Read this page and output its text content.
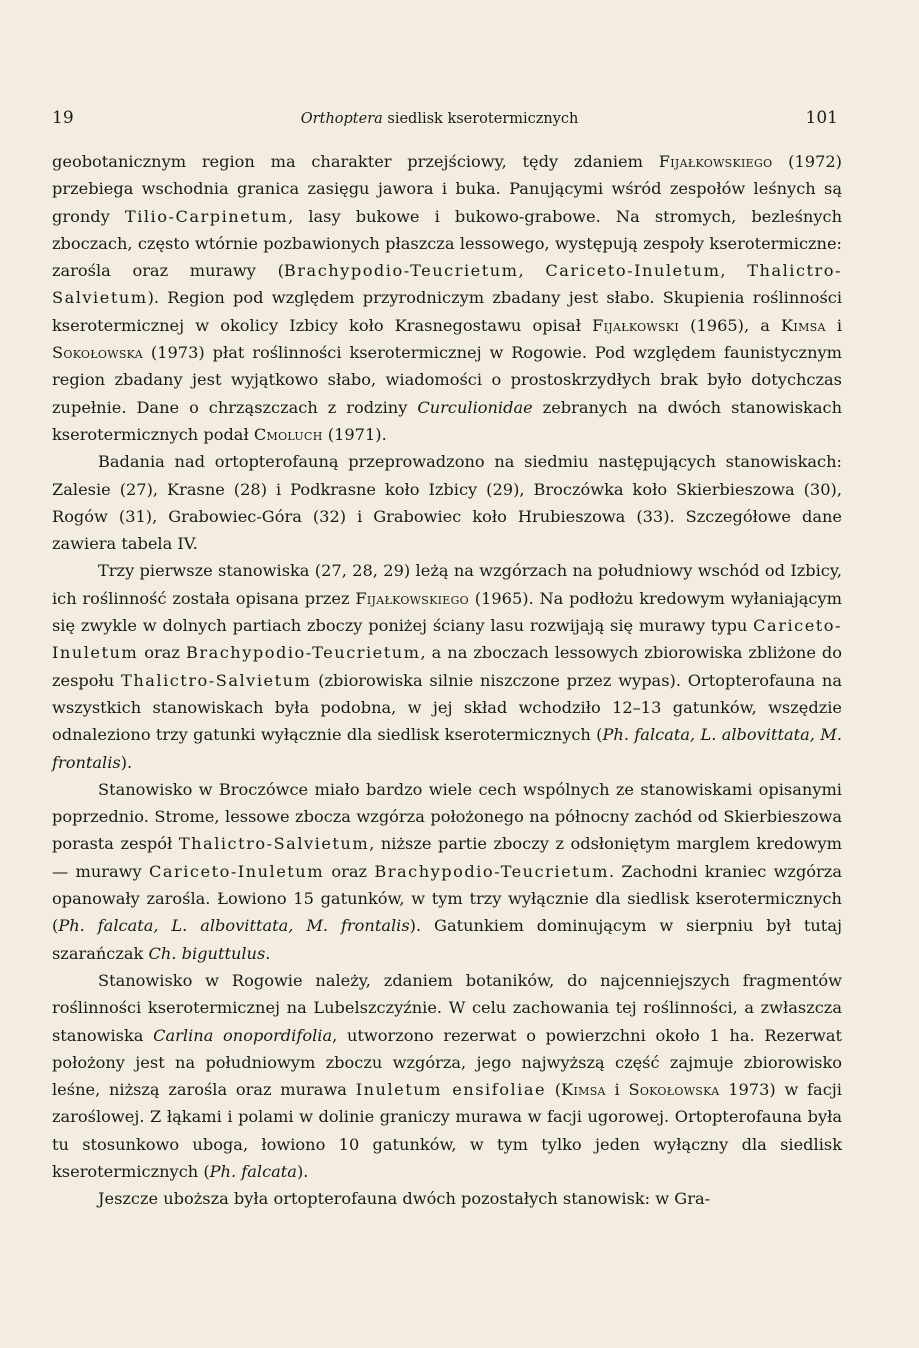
19	Orthoptera siedlisk kserotermicznych	101

geobotanicznym region ma charakter przejściowy, tędy zdaniem Fijałkowskiego (1972) przebiega wschodnia granica zasięgu jawora i buka. Panującymi wśród zespołów leśnych są grondy Tilio-Carpinetum, lasy bukowe i bukowo-grabowe. Na stromych, bezleśnych zboczach, często wtórnie pozbawionych płaszcza lessowego, występują zespoły kserotermiczne: zarośla oraz murawy (Brachypodio-Teucrietum, Cariceto-Inuletum, Thalictro-Salvietum). Region pod względem przyrodniczym zbadany jest słabo. Skupienia roślinności kserotermicznej w okolicy Izbicy koło Krasnegostawu opisał Fijałkowski (1965), a Kimsa i Sokołowska (1973) płat roślinności kserotermicznej w Rogowie. Pod względem faunistycznym region zbadany jest wyjątkowo słabo, wiadomości o prostoskrzydłych brak było dotychczas zupełnie. Dane o chrząszczach z rodziny Curculionidae zebranych na dwóch stanowiskach kserotermicznych podał Cmoluch (1971).

Badania nad ortopterofauną przeprowadzono na siedmiu następujących stanowiskach: Zalesie (27), Krasne (28) i Podkrasne koło Izbicy (29), Broczówka koło Skierbieszowa (30), Rogów (31), Grabowiec-Góra (32) i Grabowiec koło Hrubieszowa (33). Szczegółowe dane zawiera tabela IV.

Trzy pierwsze stanowiska (27, 28, 29) leżą na wzgórzach na południowy wschód od Izbicy, ich roślinność została opisana przez Fijałkowskiego (1965). Na podłożu kredowym wyłaniającym się zwykle w dolnych partiach zboczy poniżej ściany lasu rozwijają się murawy typu Cariceto-Inuletum oraz Brachypodio-Teucrietum, a na zboczach lessowych zbiorowiska zbliżone do zespołu Thalictro-Salvietum (zbiorowiska silnie niszczone przez wypas). Ortopterofauna na wszystkich stanowiskach była podobna, w jej skład wchodziło 12–13 gatunków, wszędzie odnaleziono trzy gatunki wyłącznie dla siedlisk kserotermicznych (Ph. falcata, L. albovittata, M. frontalis).

Stanowisko w Broczówce miało bardzo wiele cech wspólnych ze stanowiskami opisanymi poprzednio. Strome, lessowe zbocza wzgórza położonego na północny zachód od Skierbieszowa porasta zespół Thalictro-Salvietum, niższe partie zboczy z odsłoniętym marglem kredowym — murawy Cariceto-Inuletum oraz Brachypodio-Teucrietum. Zachodni kraniec wzgórza opanowały zarośla. Łowiono 15 gatunków, w tym trzy wyłącznie dla siedlisk kserotermicznych (Ph. falcata, L. albovittata, M. frontalis). Gatunkiem dominującym w sierpniu był tutaj szarańczak Ch. biguttulus.

Stanowisko w Rogowie należy, zdaniem botaników, do najcenniejszych fragmentów roślinności kserotermicznej na Lubelszczyźnie. W celu zachowania tej roślinności, a zwłaszcza stanowiska Carlina onopordifolia, utworzono rezerwat o powierzchni około 1 ha. Rezerwat położony jest na południowym zboczu wzgórza, jego najwyższą część zajmuje zbiorowisko leśne, niższą zarośla oraz murawa Inuletum ensifoliae (Kimsa i Sokołowska 1973) w facji zaroślowej. Z łąkami i polami w dolinie graniczy murawa w facji ugorowej. Ortopterofauna była tu stosunkowo uboga, łowiono 10 gatunków, w tym tylko jeden wyłączny dla siedlisk kserotermicznych (Ph. falcata).

Jeszcze uboższa była ortopterofauna dwóch pozostałych stanowisk: w Gra-
